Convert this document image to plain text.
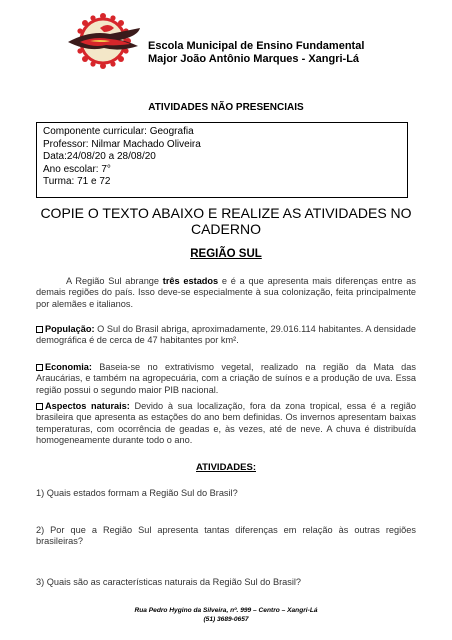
Escola Municipal de Ensino Fundamental
Major João Antônio Marques - Xangri-Lá
ATIVIDADES NÃO PRESENCIAIS
Componente curricular: Geografia
Professor: Nilmar Machado Oliveira
Data:24/08/20 a 28/08/20
Ano escolar: 7°
Turma: 71 e 72
COPIE O TEXTO ABAIXO E REALIZE AS ATIVIDADES NO CADERNO
REGIÃO SUL
A Região Sul abrange três estados e é a que apresenta mais diferenças entre as demais regiões do país. Isso deve-se especialmente à sua colonização, feita principalmente por alemães e italianos.
População: O Sul do Brasil abriga, aproximadamente, 29.016.114 habitantes. A densidade demográfica é de cerca de 47 habitantes por km².
Economia: Baseia-se no extrativismo vegetal, realizado na região da Mata das Araucárias, e também na agropecuária, com a criação de suínos e a produção de uva. Essa região possui o segundo maior PIB nacional.
Aspectos naturais: Devido à sua localização, fora da zona tropical, essa é a região brasileira que apresenta as estações do ano bem definidas. Os invernos apresentam baixas temperaturas, com ocorrência de geadas e, às vezes, até de neve. A chuva é distribuída homogeneamente durante todo o ano.
ATIVIDADES:
1) Quais estados formam a Região Sul do Brasil?
2) Por que a Região Sul apresenta tantas diferenças em relação às outras regiões brasileiras?
3) Quais são as características naturais da Região Sul do Brasil?
Rua Pedro Hygino da Silveira, nº. 999 – Centro – Xangri-Lá
(51) 3689-0657
